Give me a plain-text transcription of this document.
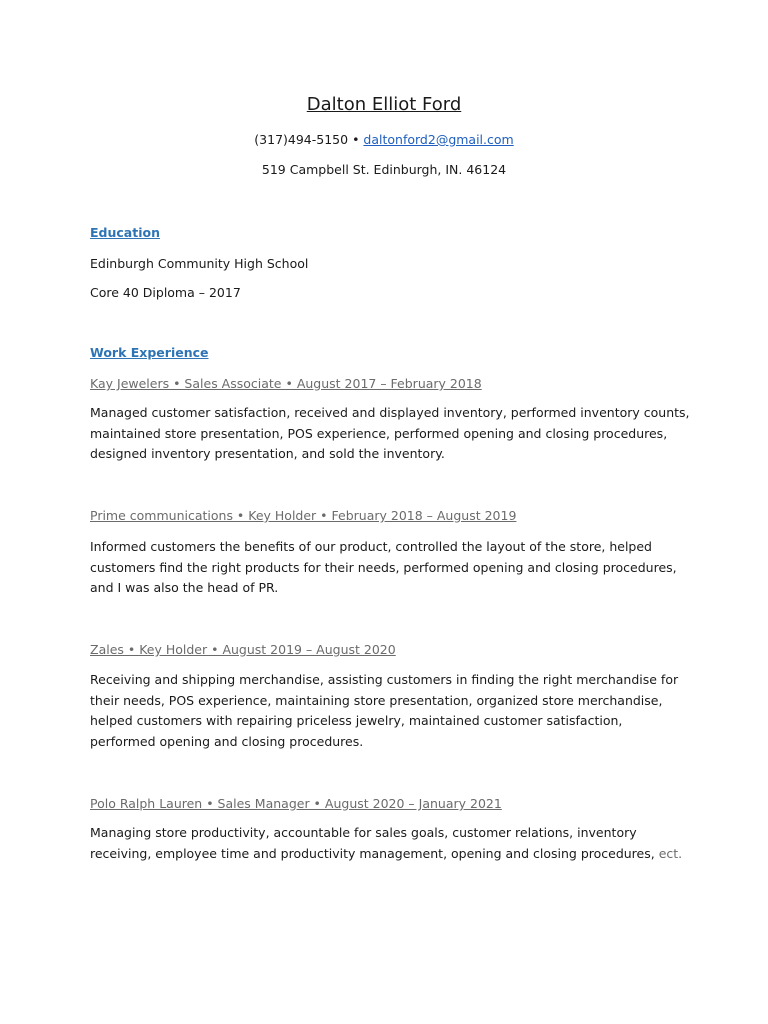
Dalton Elliot Ford
(317)494-5150 • daltonford2@gmail.com
519 Campbell St. Edinburgh, IN. 46124
Education
Edinburgh Community High School
Core 40 Diploma – 2017
Work Experience
Kay Jewelers • Sales Associate • August 2017 – February 2018
Managed customer satisfaction, received and displayed inventory, performed inventory counts, maintained store presentation, POS experience, performed opening and closing procedures, designed inventory presentation, and sold the inventory.
Prime communications • Key Holder • February 2018 – August 2019
Informed customers the benefits of our product, controlled the layout of the store, helped customers find the right products for their needs, performed opening and closing procedures, and I was also the head of PR.
Zales • Key Holder • August 2019 – August 2020
Receiving and shipping merchandise, assisting customers in finding the right merchandise for their needs, POS experience, maintaining store presentation, organized store merchandise, helped customers with repairing priceless jewelry, maintained customer satisfaction, performed opening and closing procedures.
Polo Ralph Lauren • Sales Manager • August 2020 – January 2021
Managing store productivity, accountable for sales goals, customer relations, inventory receiving, employee time and productivity management, opening and closing procedures, ect.
